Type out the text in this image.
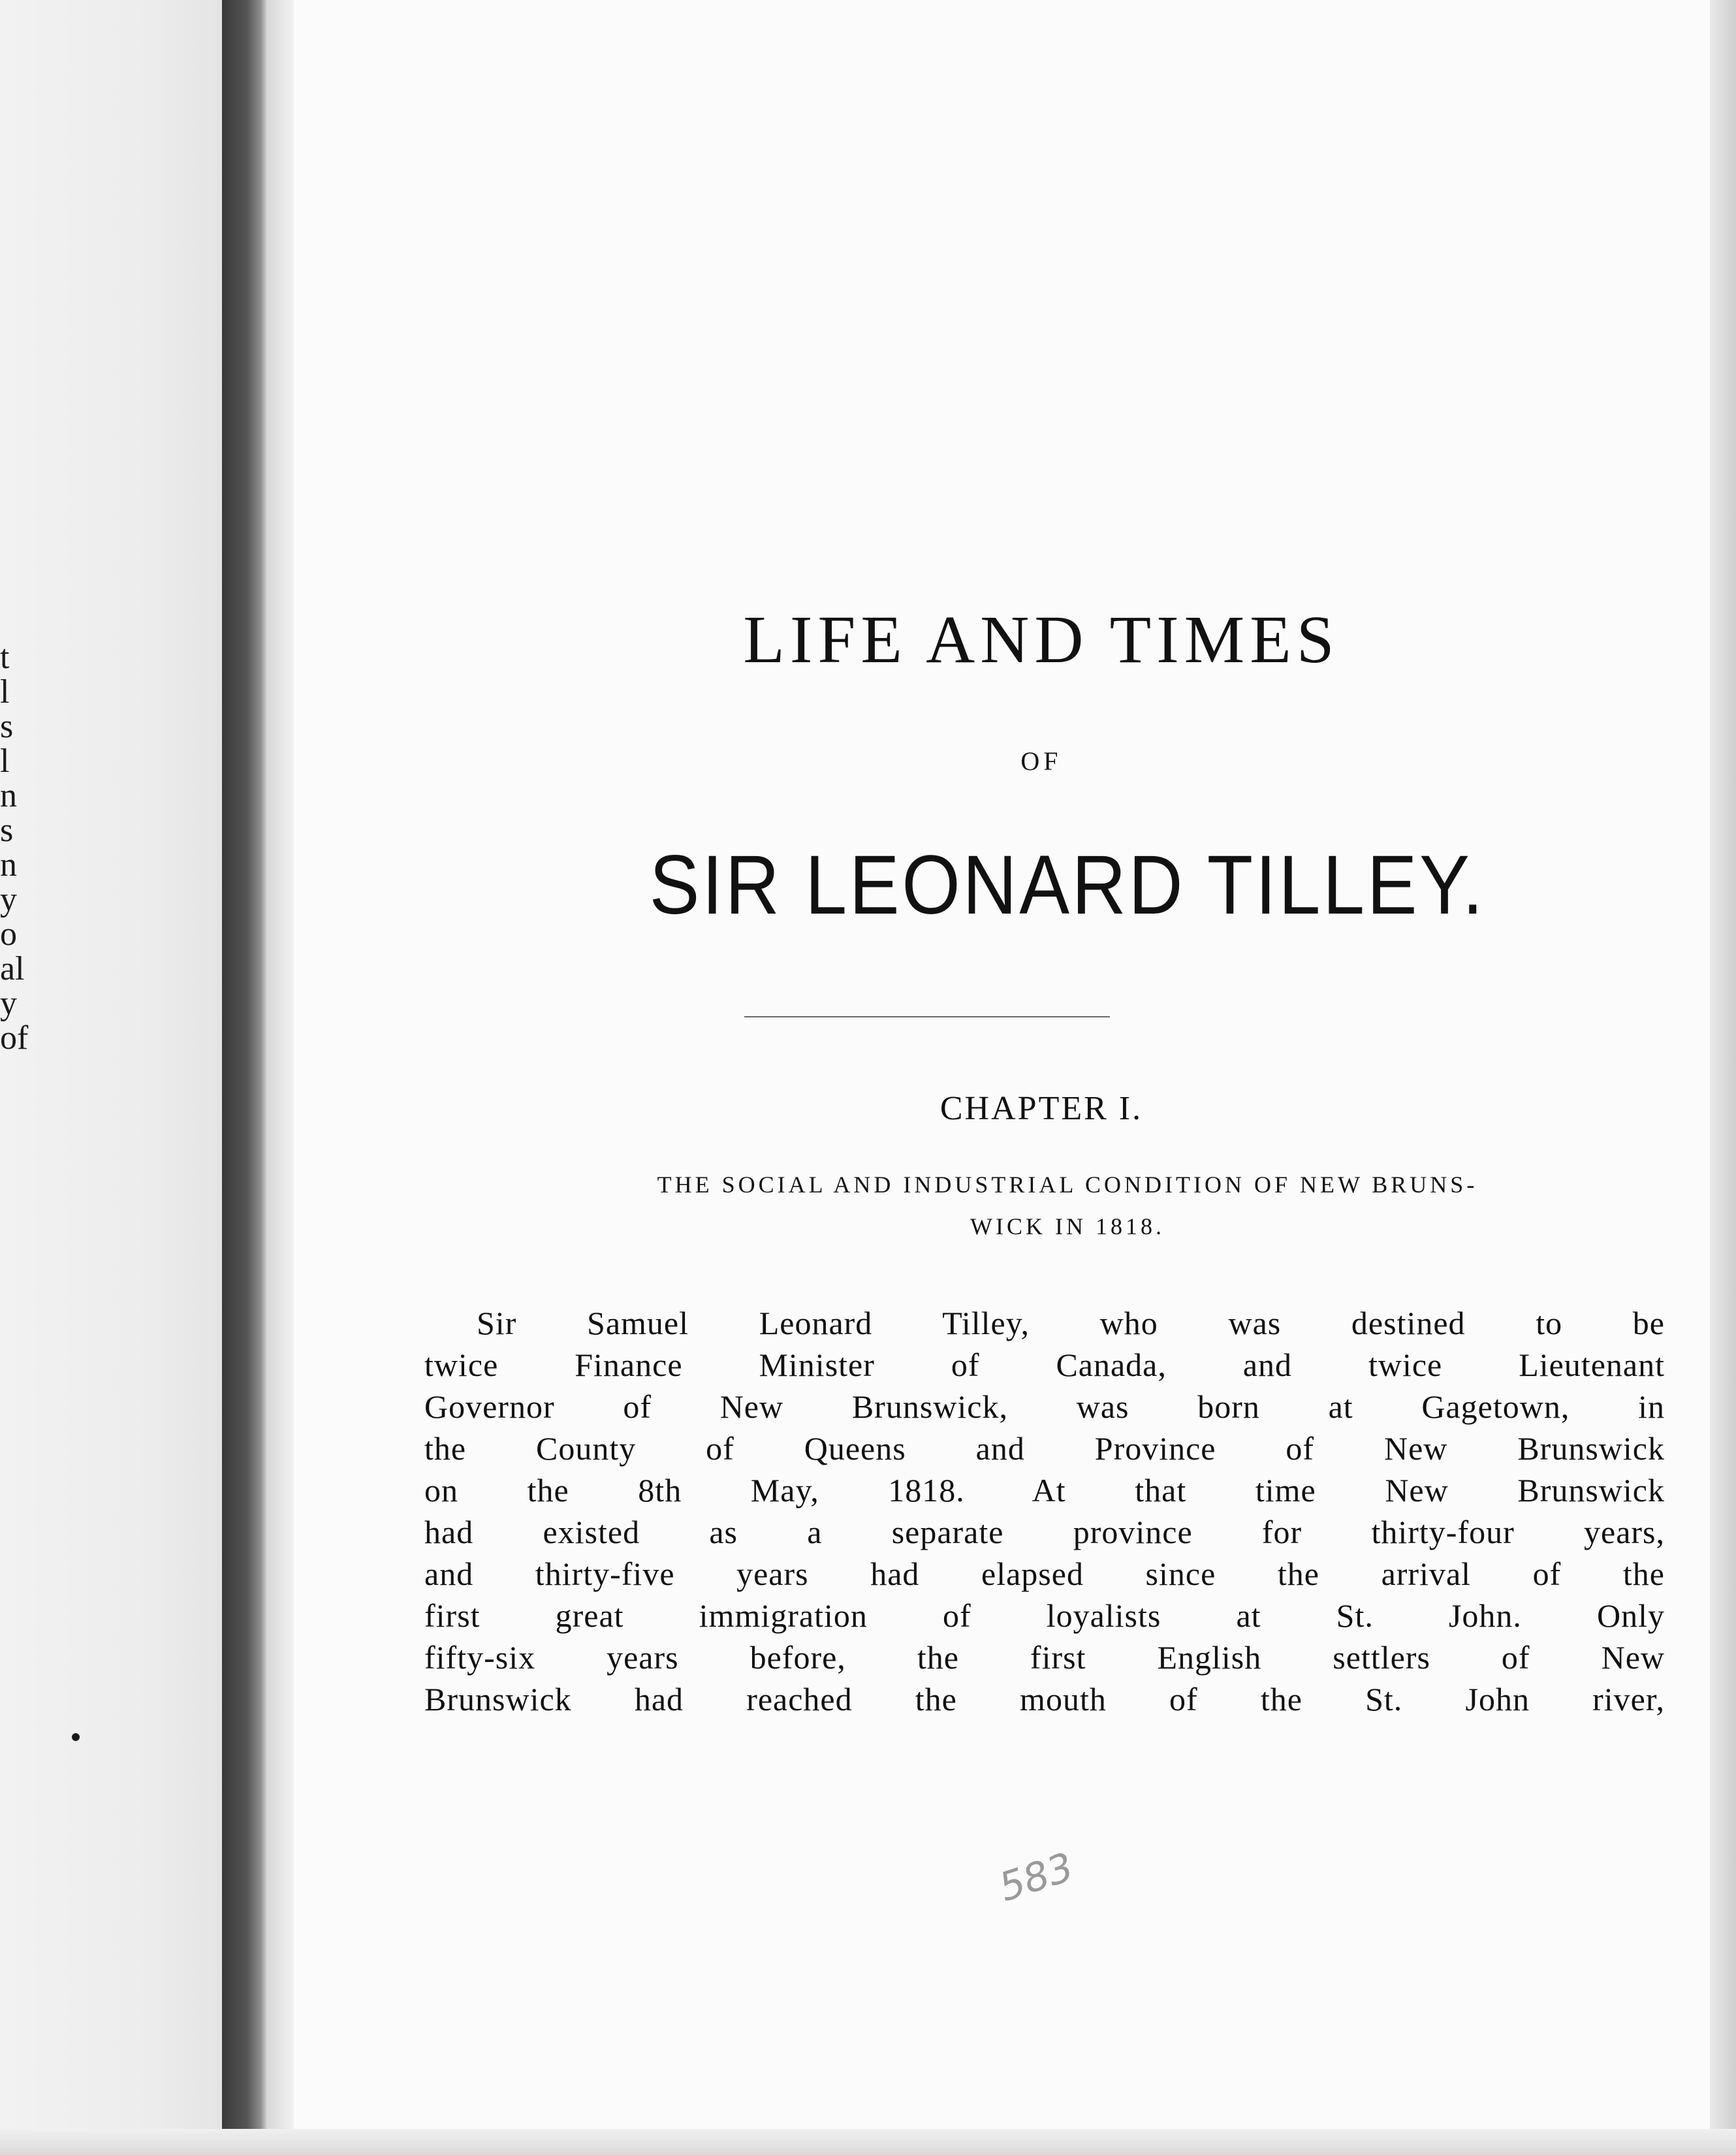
t
l
s
l
n
s
n
y
o
al
y
of
LIFE AND TIMES
OF
SIR LEONARD TILLEY.
CHAPTER I.
THE SOCIAL AND INDUSTRIAL CONDITION OF NEW BRUNS-
WICK IN 1818.
Sir Samuel Leonard Tilley, who was destined to be
twice Finance Minister of Canada, and twice Lieutenant
Governor of New Brunswick, was born at Gagetown, in
the County of Queens and Province of New Brunswick
on the 8th May, 1818. At that time New Brunswick
had existed as a separate province for thirty-four years,
and thirty-five years had elapsed since the arrival of the
first great immigration of loyalists at St. John. Only
fifty-six years before, the first English settlers of New
Brunswick had reached the mouth of the St. John river,
583
